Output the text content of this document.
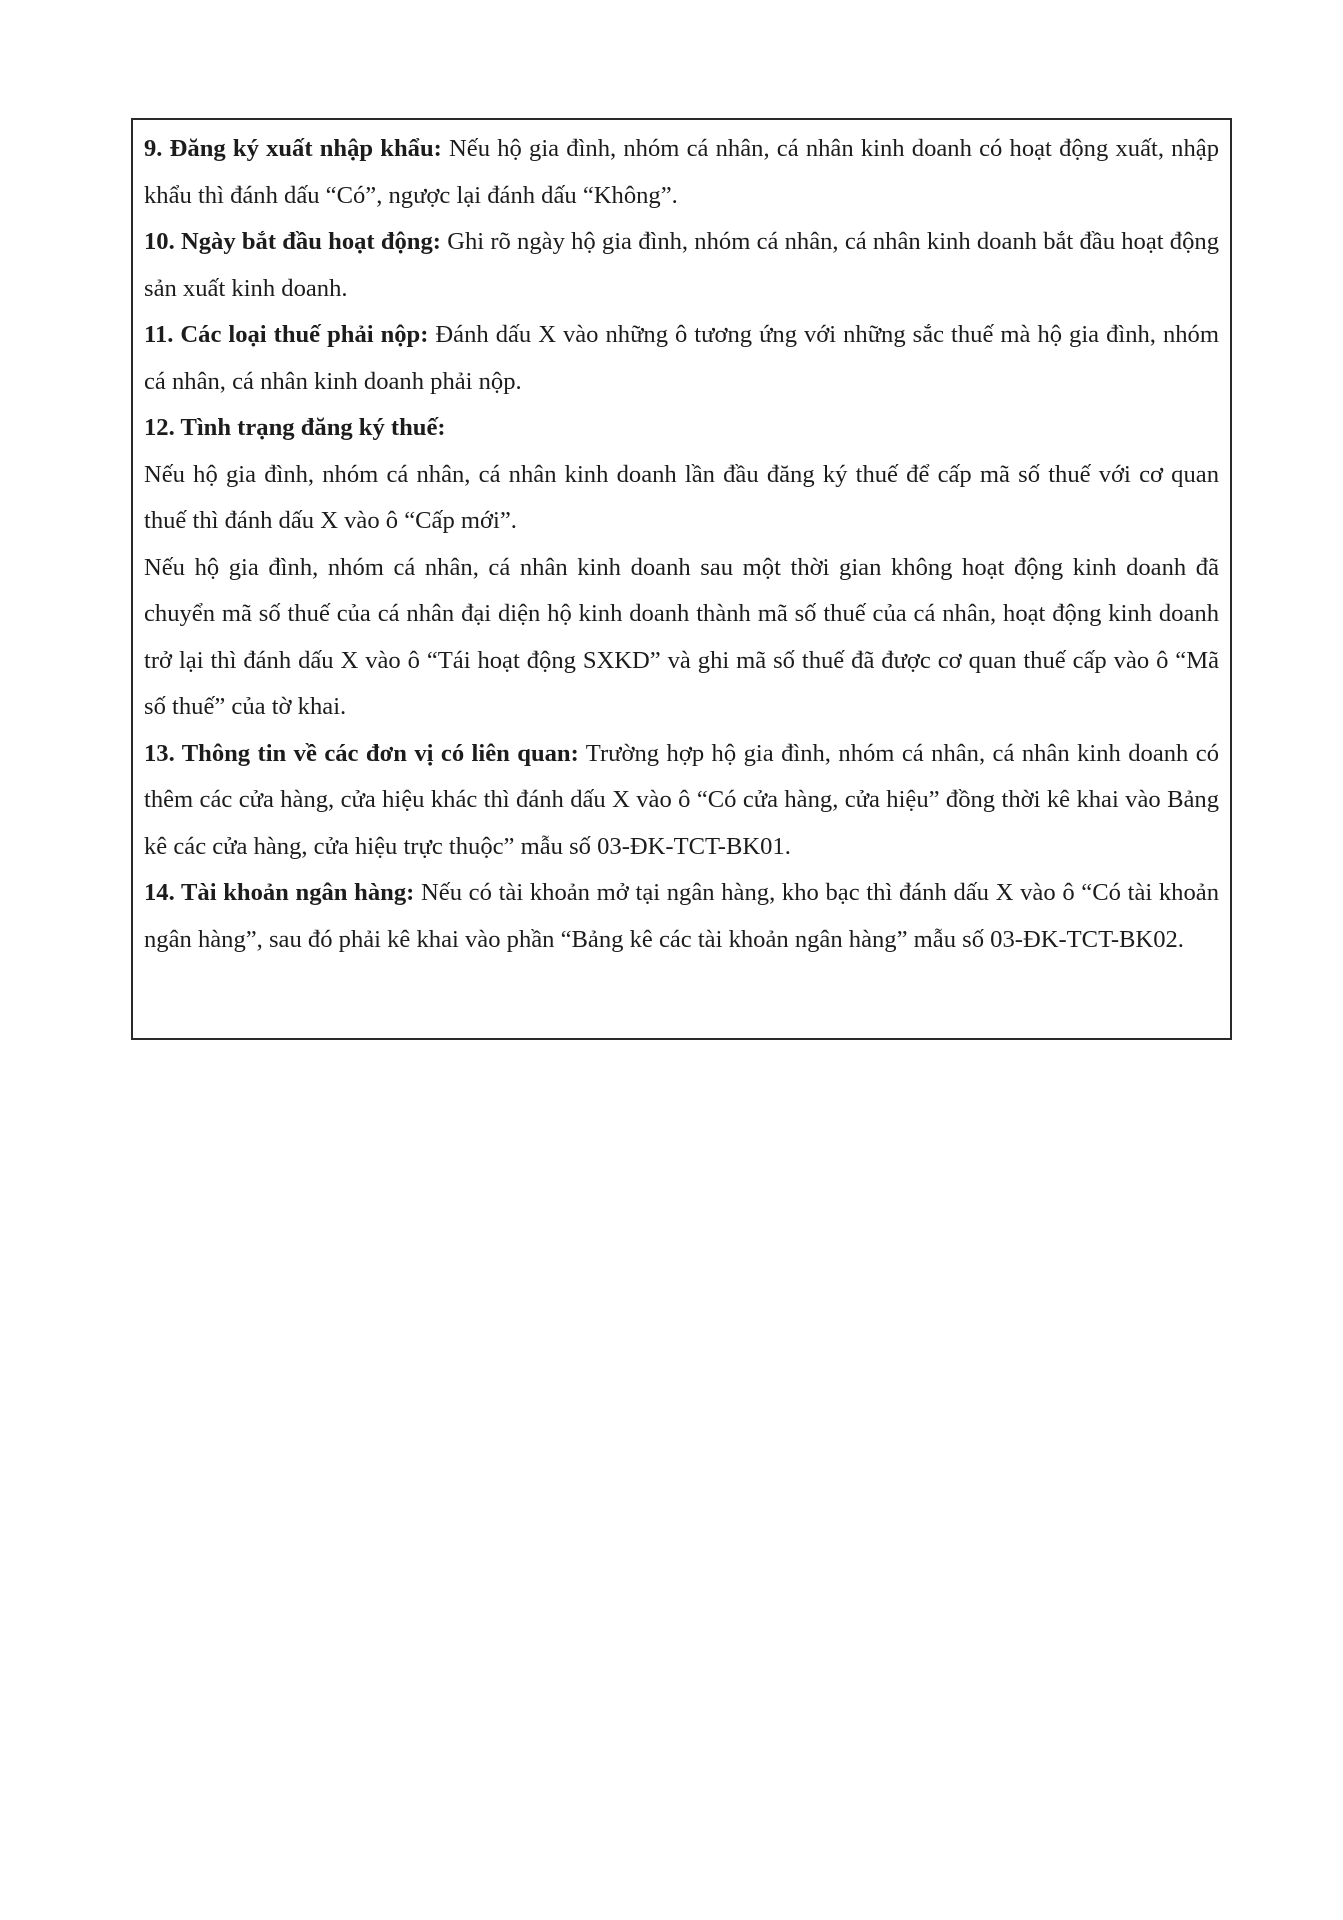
9. Đăng ký xuất nhập khẩu: Nếu hộ gia đình, nhóm cá nhân, cá nhân kinh doanh có hoạt động xuất, nhập khẩu thì đánh dấu “Có”, ngược lại đánh dấu “Không”.

10. Ngày bắt đầu hoạt động: Ghi rõ ngày hộ gia đình, nhóm cá nhân, cá nhân kinh doanh bắt đầu hoạt động sản xuất kinh doanh.

11. Các loại thuế phải nộp: Đánh dấu X vào những ô tương ứng với những sắc thuế mà hộ gia đình, nhóm cá nhân, cá nhân kinh doanh phải nộp.

12. Tình trạng đăng ký thuế:

Nếu hộ gia đình, nhóm cá nhân, cá nhân kinh doanh lần đầu đăng ký thuế để cấp mã số thuế với cơ quan thuế thì đánh dấu X vào ô “Cấp mới”.

Nếu hộ gia đình, nhóm cá nhân, cá nhân kinh doanh sau một thời gian không hoạt động kinh doanh đã chuyển mã số thuế của cá nhân đại diện hộ kinh doanh thành mã số thuế của cá nhân, hoạt động kinh doanh trở lại thì đánh dấu X vào ô “Tái hoạt động SXKD” và ghi mã số thuế đã được cơ quan thuế cấp vào ô “Mã số thuế” của tờ khai.

13. Thông tin về các đơn vị có liên quan: Trường hợp hộ gia đình, nhóm cá nhân, cá nhân kinh doanh có thêm các cửa hàng, cửa hiệu khác thì đánh dấu X vào ô “Có cửa hàng, cửa hiệu” đồng thời kê khai vào Bảng kê các cửa hàng, cửa hiệu trực thuộc” mẫu số 03-ĐK-TCT-BK01.

14. Tài khoản ngân hàng: Nếu có tài khoản mở tại ngân hàng, kho bạc thì đánh dấu X vào ô “Có tài khoản ngân hàng”, sau đó phải kê khai vào phần “Bảng kê các tài khoản ngân hàng” mẫu số 03-ĐK-TCT-BK02.
